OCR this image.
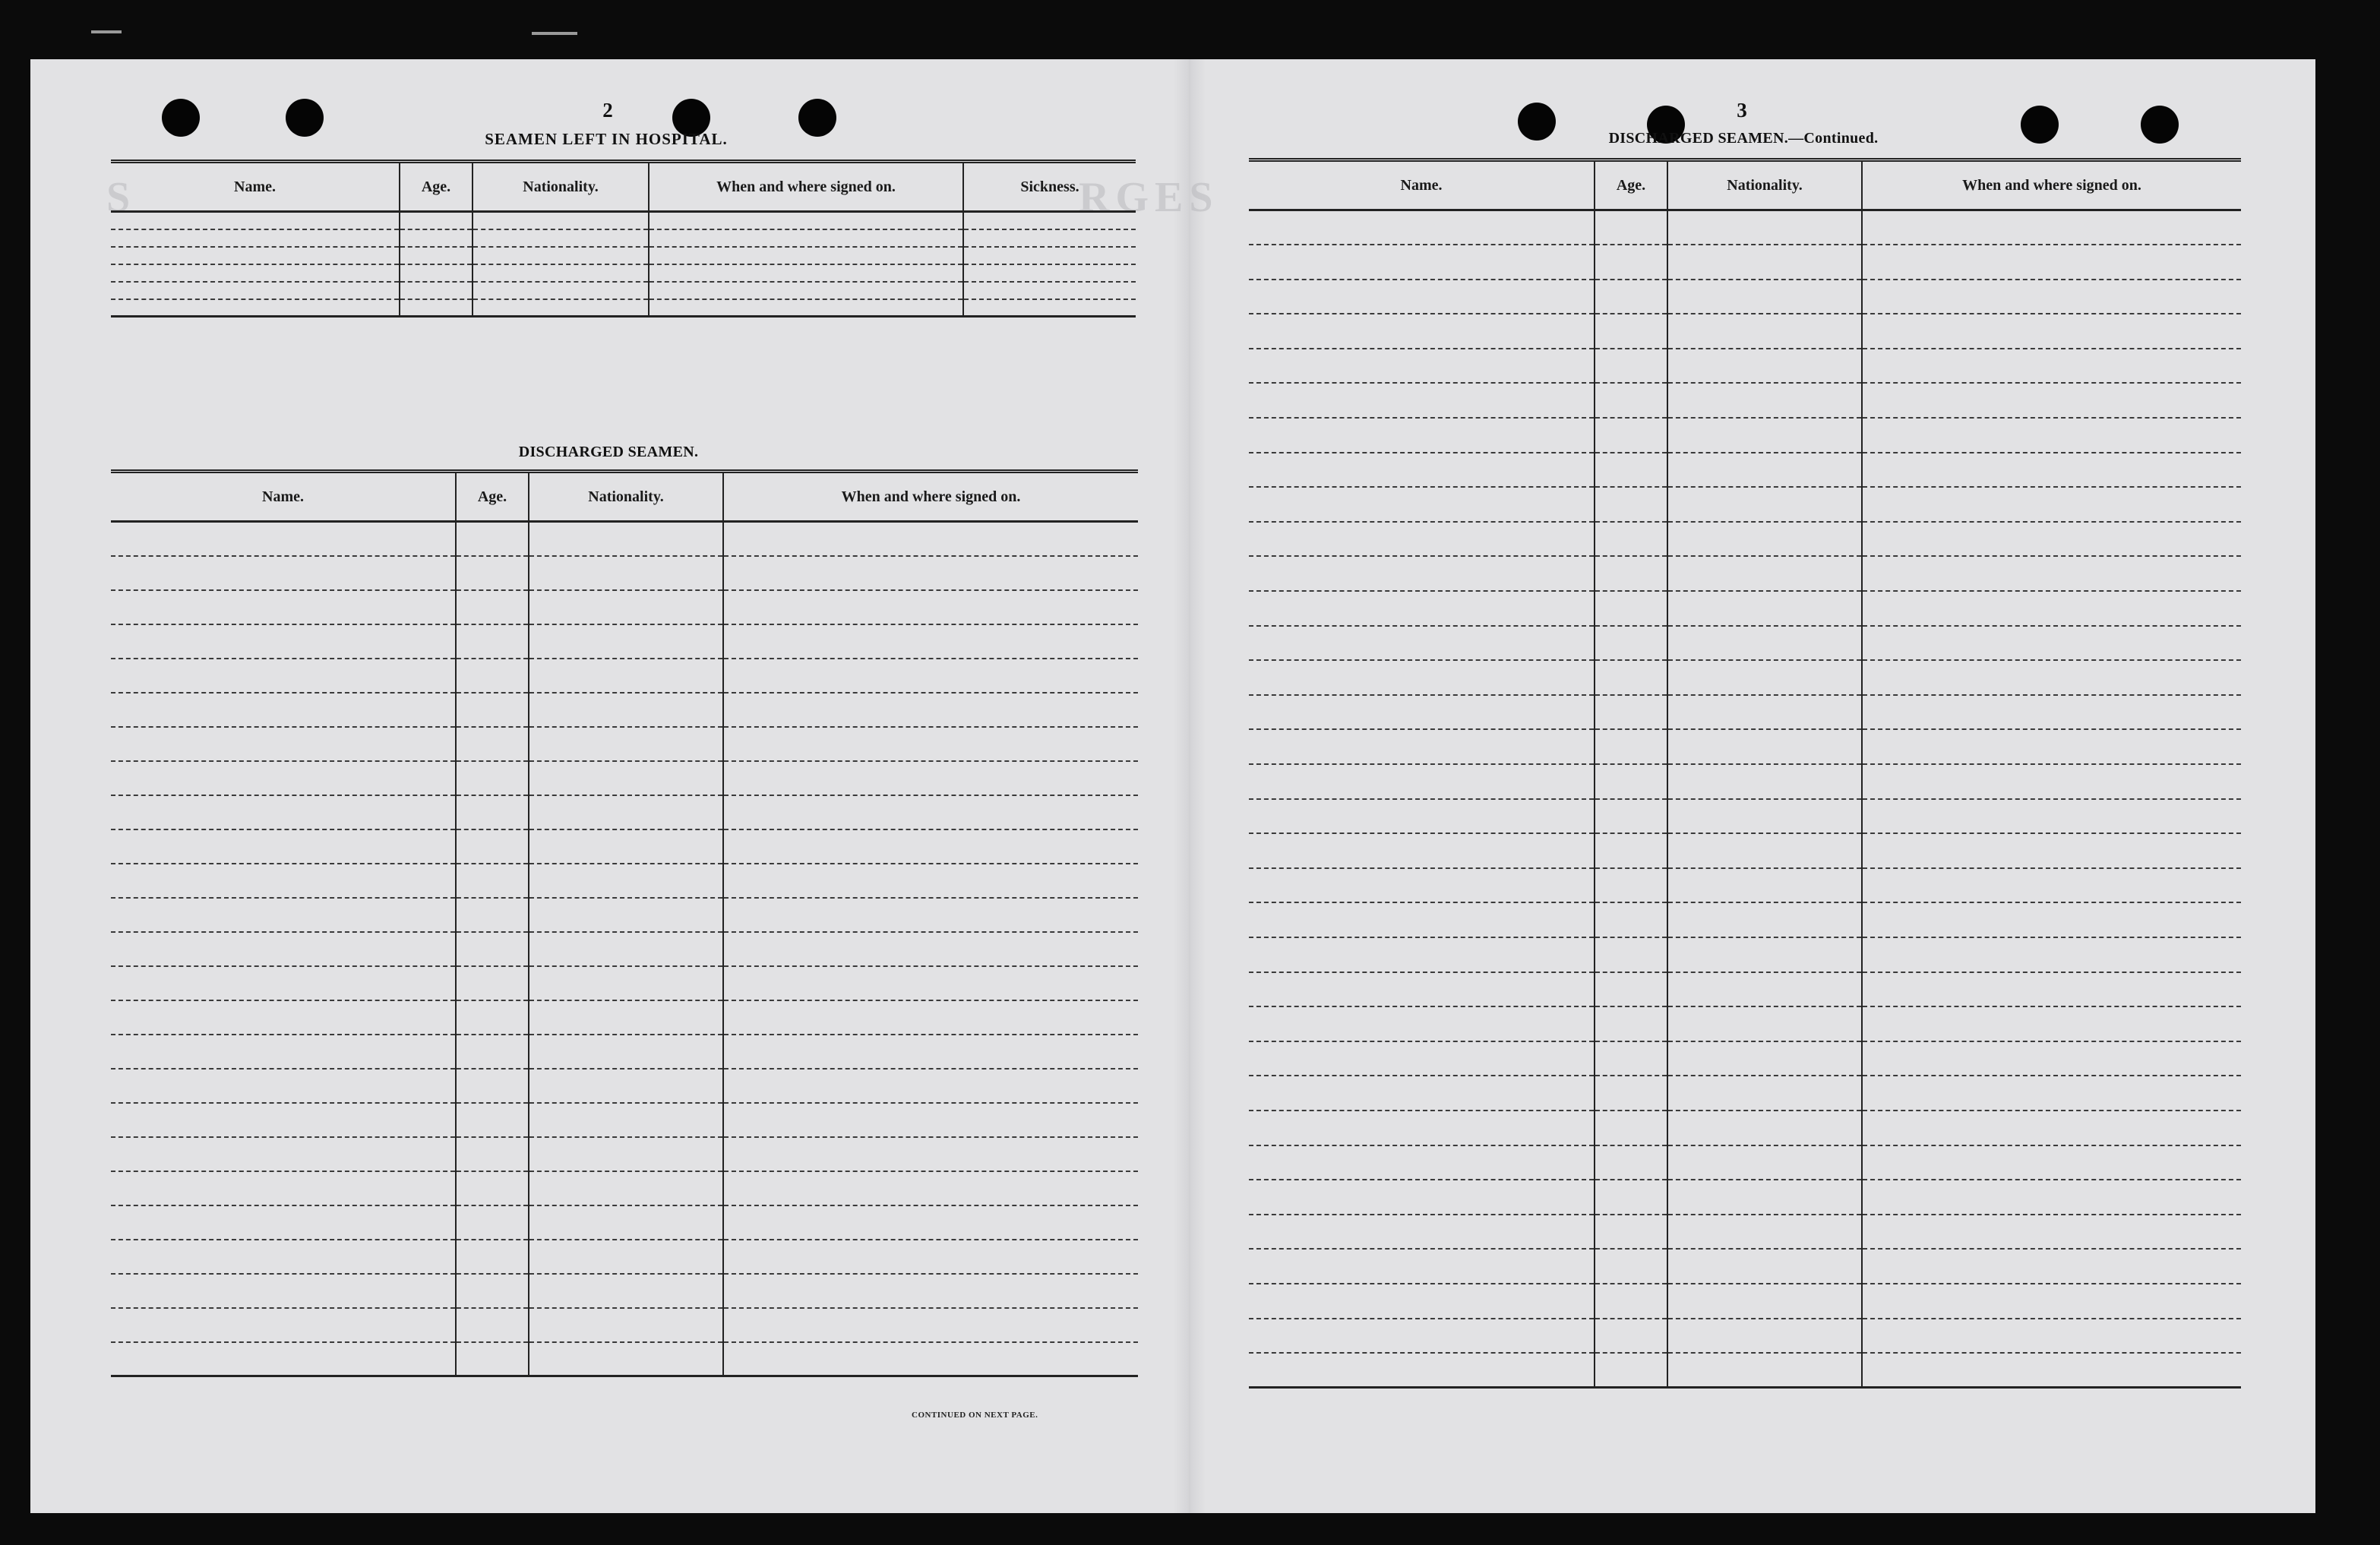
S	RGES
2
SEAMEN LEFT IN HOSPITAL.
Name.	Age.	Nationality.	When and where signed on.	Sickness.

DISCHARGED SEAMEN.
Name.	Age.	Nationality.	When and where signed on.

CONTINUED ON NEXT PAGE.
3
DISCHARGED SEAMEN.—Continued.
Name.	Age.	Nationality.	When and where signed on.
